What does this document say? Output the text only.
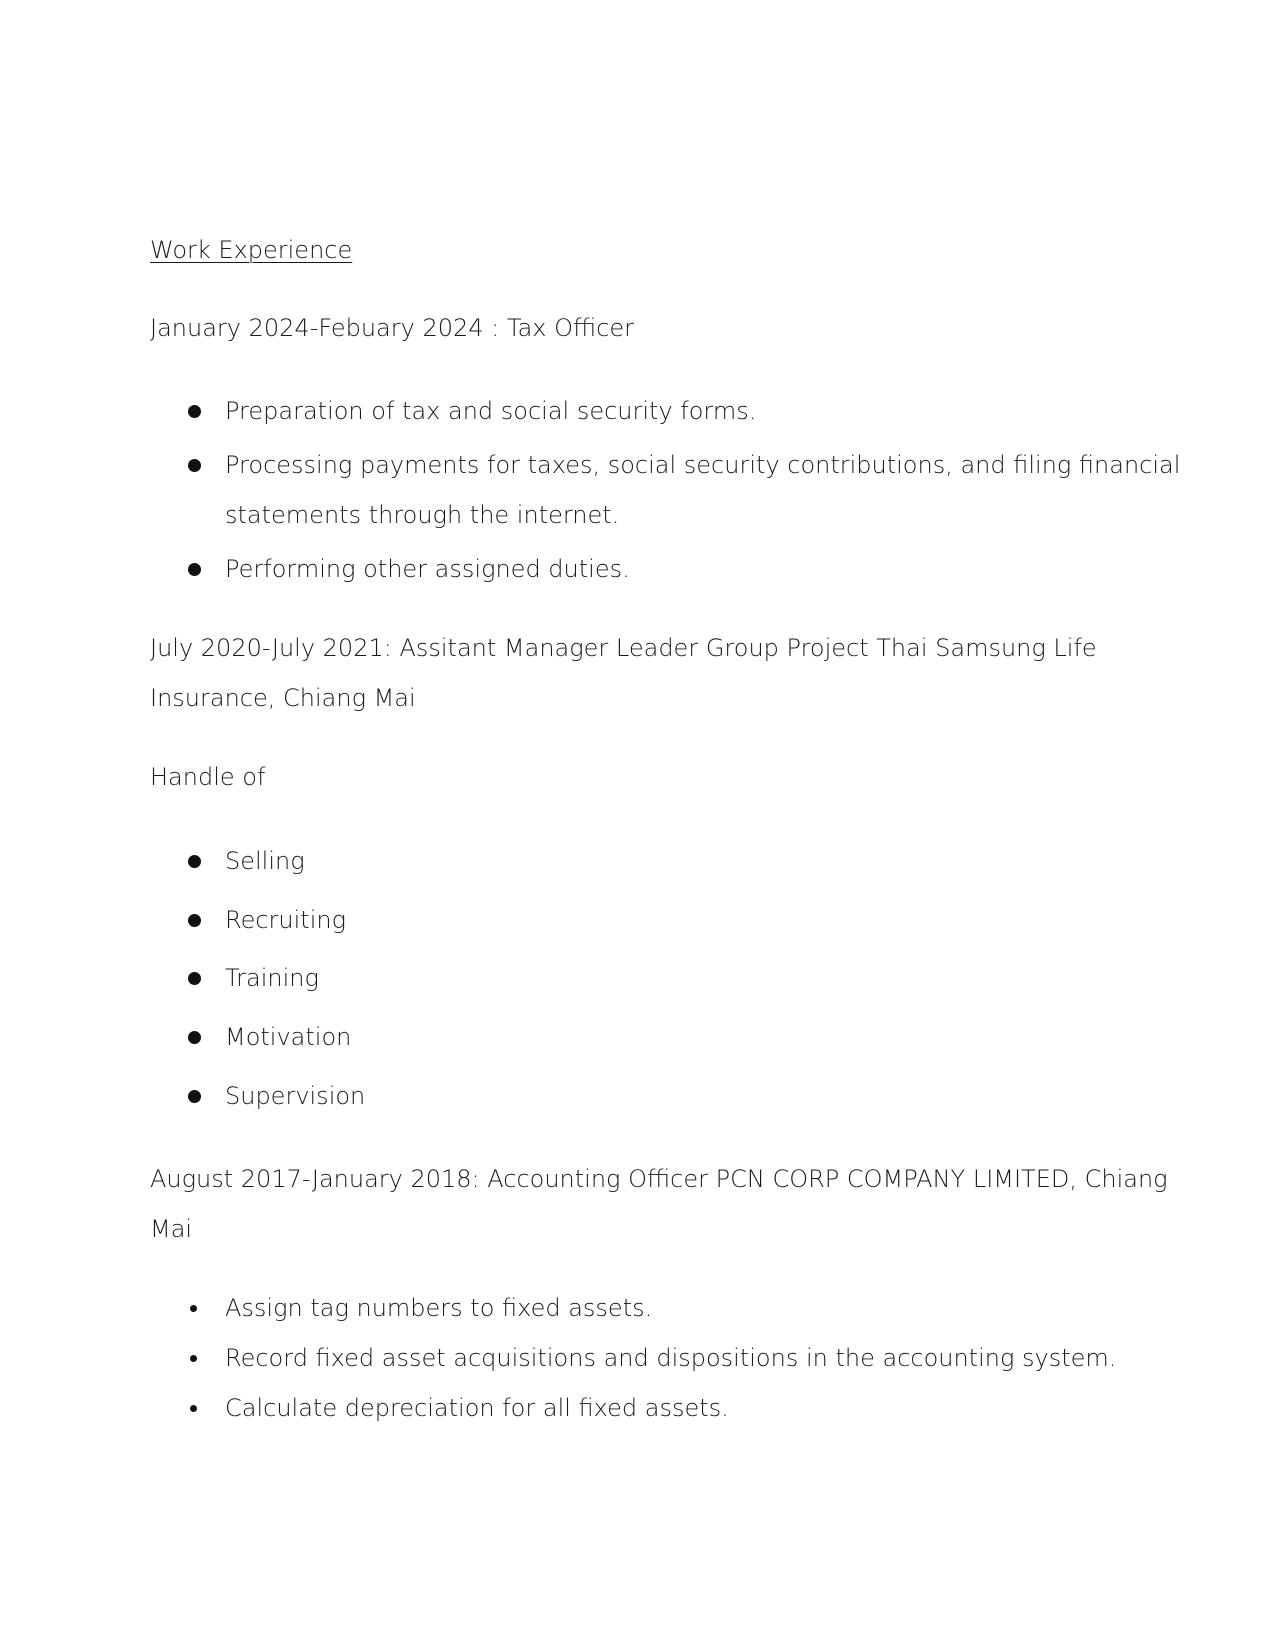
Work Experience
January 2024-Febuary 2024 : Tax Officer
Preparation of tax and social security forms.
Processing payments for taxes, social security contributions, and filing financial
statements through the internet.
Performing other assigned duties.
July 2020-July 2021: Assitant Manager Leader Group Project Thai Samsung Life
Insurance, Chiang Mai
Handle of
Selling
Recruiting
Training
Motivation
Supervision
August 2017-January 2018: Accounting Officer PCN CORP COMPANY LIMITED, Chiang
Mai
Assign tag numbers to fixed assets.
Record fixed asset acquisitions and dispositions in the accounting system.
Calculate depreciation for all fixed assets.
